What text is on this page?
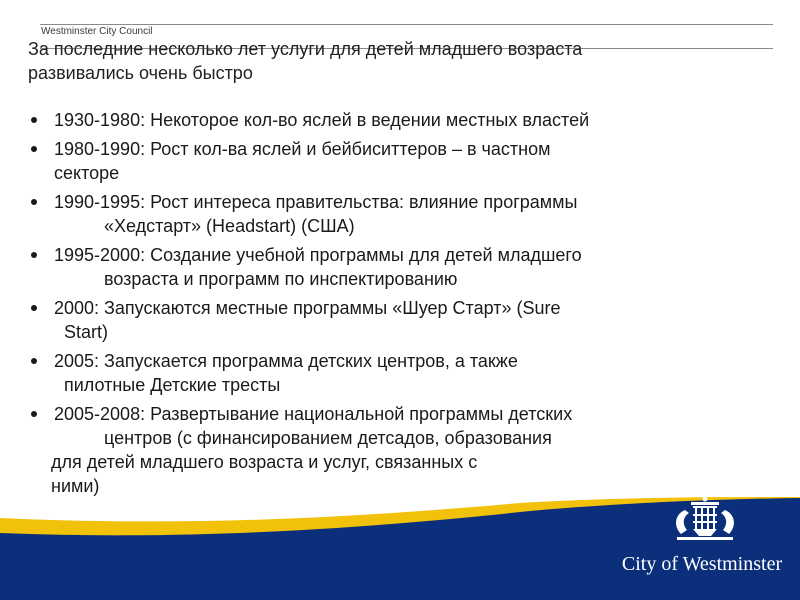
Westminster City Council
За последние несколько лет услуги для детей младшего возраста
развивались очень быстро
1930-1980: Некоторое кол-во яслей в ведении местных властей
1980-1990: Рост кол-ва яслей и бейбиситтеров – в частном
секторе
1990-1995: Рост интереса правительства: влияние программы
«Хедстарт» (Headstart) (США)
1995-2000: Создание учебной программы для детей младшего
возраста и программ по инспектированию
2000: Запускаются местные программы «Шуер Старт» (Sure
Start)
2005: Запускается программа детских центров, а также
пилотные Детские тресты
2005-2008: Развертывание национальной программы детских
центров (с финансированием детсадов, образования
для детей младшего возраста и услуг, связанных с
ними)
City of Westminster
